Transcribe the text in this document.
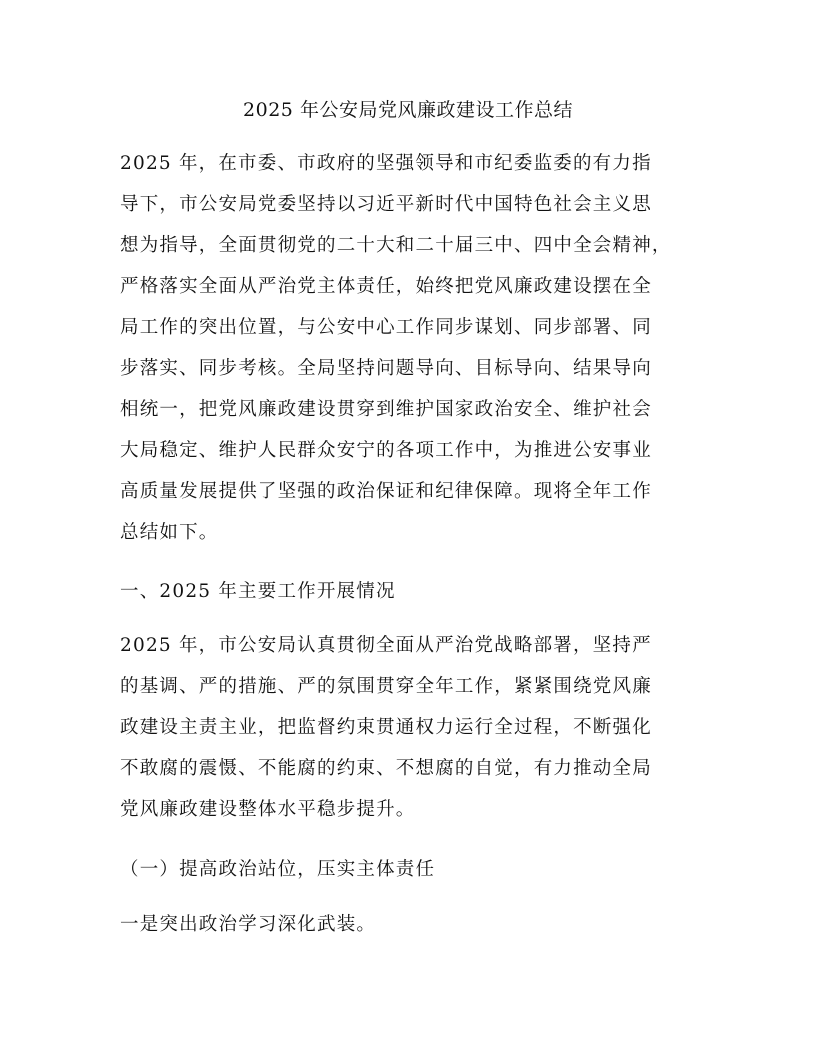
2025 年公安局党风廉政建设工作总结
2025 年，在市委、市政府的坚强领导和市纪委监委的有力指
导下，市公安局党委坚持以习近平新时代中国特色社会主义思
想为指导，全面贯彻党的二十大和二十届三中、四中全会精神，
严格落实全面从严治党主体责任，始终把党风廉政建设摆在全
局工作的突出位置，与公安中心工作同步谋划、同步部署、同
步落实、同步考核。全局坚持问题导向、目标导向、结果导向
相统一，把党风廉政建设贯穿到维护国家政治安全、维护社会
大局稳定、维护人民群众安宁的各项工作中，为推进公安事业
高质量发展提供了坚强的政治保证和纪律保障。现将全年工作
总结如下。
一、2025 年主要工作开展情况
2025 年，市公安局认真贯彻全面从严治党战略部署，坚持严
的基调、严的措施、严的氛围贯穿全年工作，紧紧围绕党风廉
政建设主责主业，把监督约束贯通权力运行全过程，不断强化
不敢腐的震慑、不能腐的约束、不想腐的自觉，有力推动全局
党风廉政建设整体水平稳步提升。
（一）提高政治站位，压实主体责任
一是突出政治学习深化武装。
